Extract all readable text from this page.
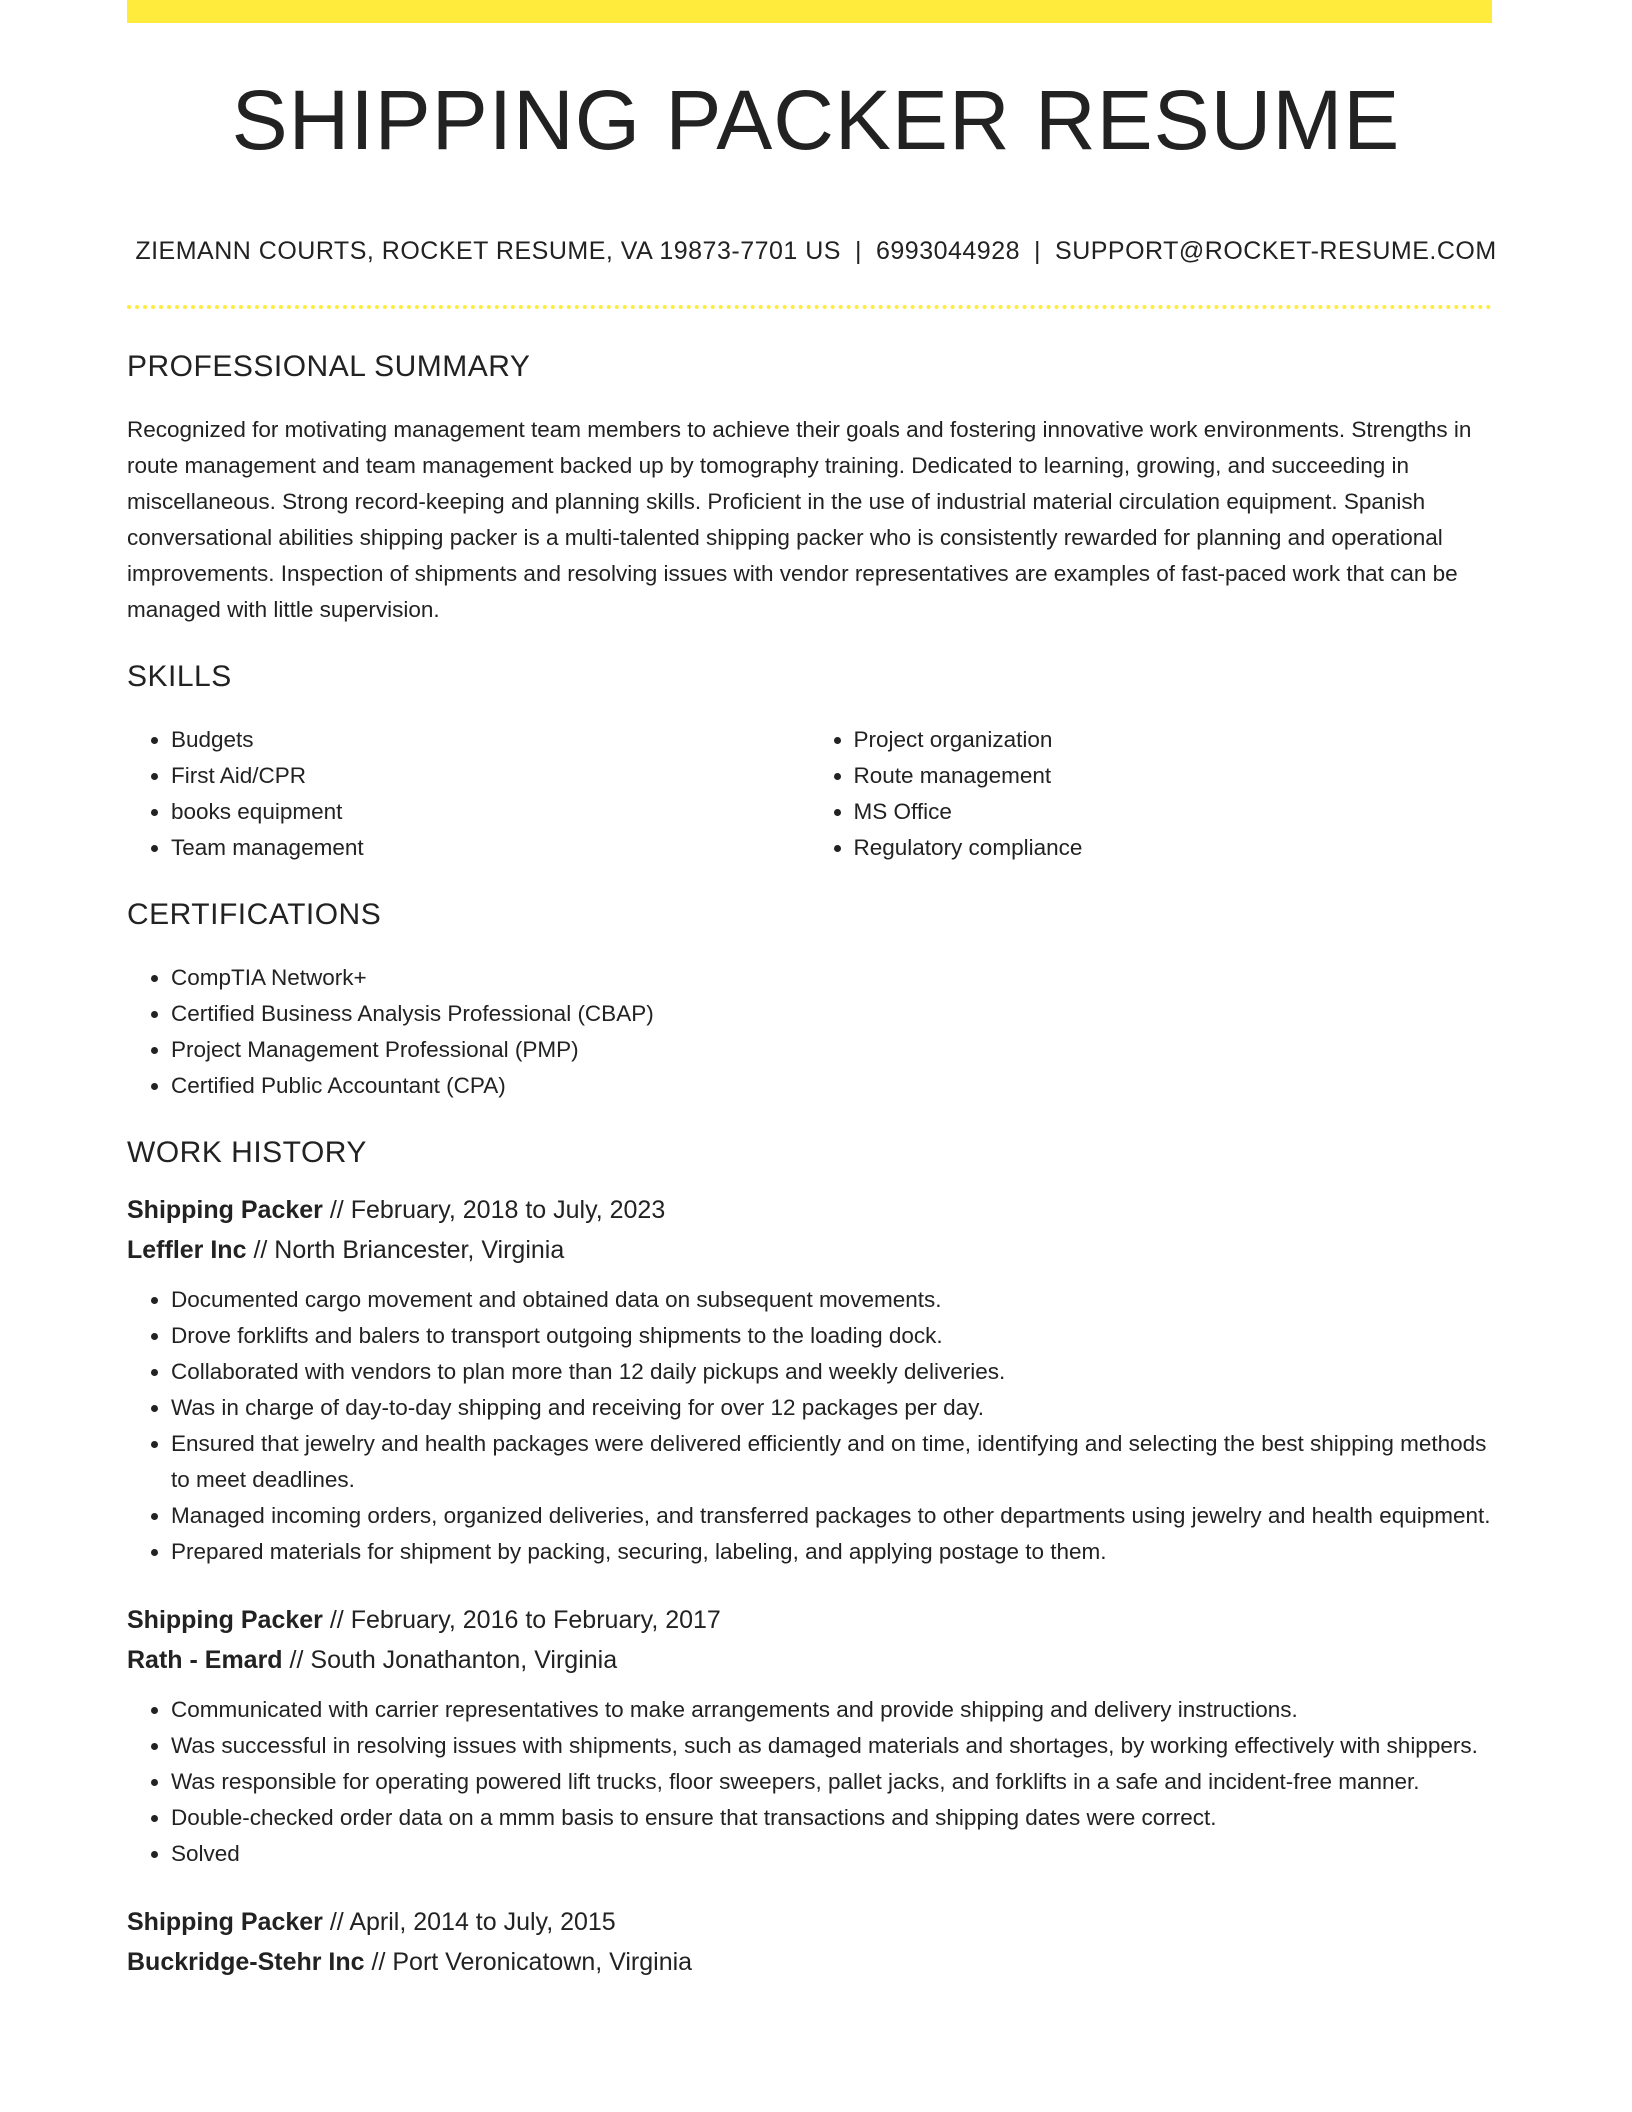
SHIPPING PACKER RESUME
ZIEMANN COURTS, ROCKET RESUME, VA 19873-7701 US | 6993044928 | SUPPORT@ROCKET-RESUME.COM
PROFESSIONAL SUMMARY

Recognized for motivating management team members to achieve their goals and fostering innovative work environments. Strengths in route management and team management backed up by tomography training. Dedicated to learning, growing, and succeeding in miscellaneous. Strong record-keeping and planning skills. Proficient in the use of industrial material circulation equipment. Spanish conversational abilities shipping packer is a multi-talented shipping packer who is consistently rewarded for planning and operational improvements. Inspection of shipments and resolving issues with vendor representatives are examples of fast-paced work that can be managed with little supervision.

SKILLS
• Budgets
• First Aid/CPR
• books equipment
• Team management
• Project organization
• Route management
• MS Office
• Regulatory compliance
CERTIFICATIONS
• CompTIA Network+
• Certified Business Analysis Professional (CBAP)
• Project Management Professional (PMP)
• Certified Public Accountant (CPA)
WORK HISTORY
Shipping Packer // February, 2018 to July, 2023
Leffler Inc // North Briancester, Virginia
• Documented cargo movement and obtained data on subsequent movements.
• Drove forklifts and balers to transport outgoing shipments to the loading dock.
• Collaborated with vendors to plan more than 12 daily pickups and weekly deliveries.
• Was in charge of day-to-day shipping and receiving for over 12 packages per day.
• Ensured that jewelry and health packages were delivered efficiently and on time, identifying and selecting the best shipping methods to meet deadlines.
• Managed incoming orders, organized deliveries, and transferred packages to other departments using jewelry and health equipment.
• Prepared materials for shipment by packing, securing, labeling, and applying postage to them.
Shipping Packer // February, 2016 to February, 2017
Rath - Emard // South Jonathanton, Virginia
• Communicated with carrier representatives to make arrangements and provide shipping and delivery instructions.
• Was successful in resolving issues with shipments, such as damaged materials and shortages, by working effectively with shippers.
• Was responsible for operating powered lift trucks, floor sweepers, pallet jacks, and forklifts in a safe and incident-free manner.
• Double-checked order data on a mmm basis to ensure that transactions and shipping dates were correct.
• Solved
Shipping Packer // April, 2014 to July, 2015
Buckridge-Stehr Inc // Port Veronicatown, Virginia
